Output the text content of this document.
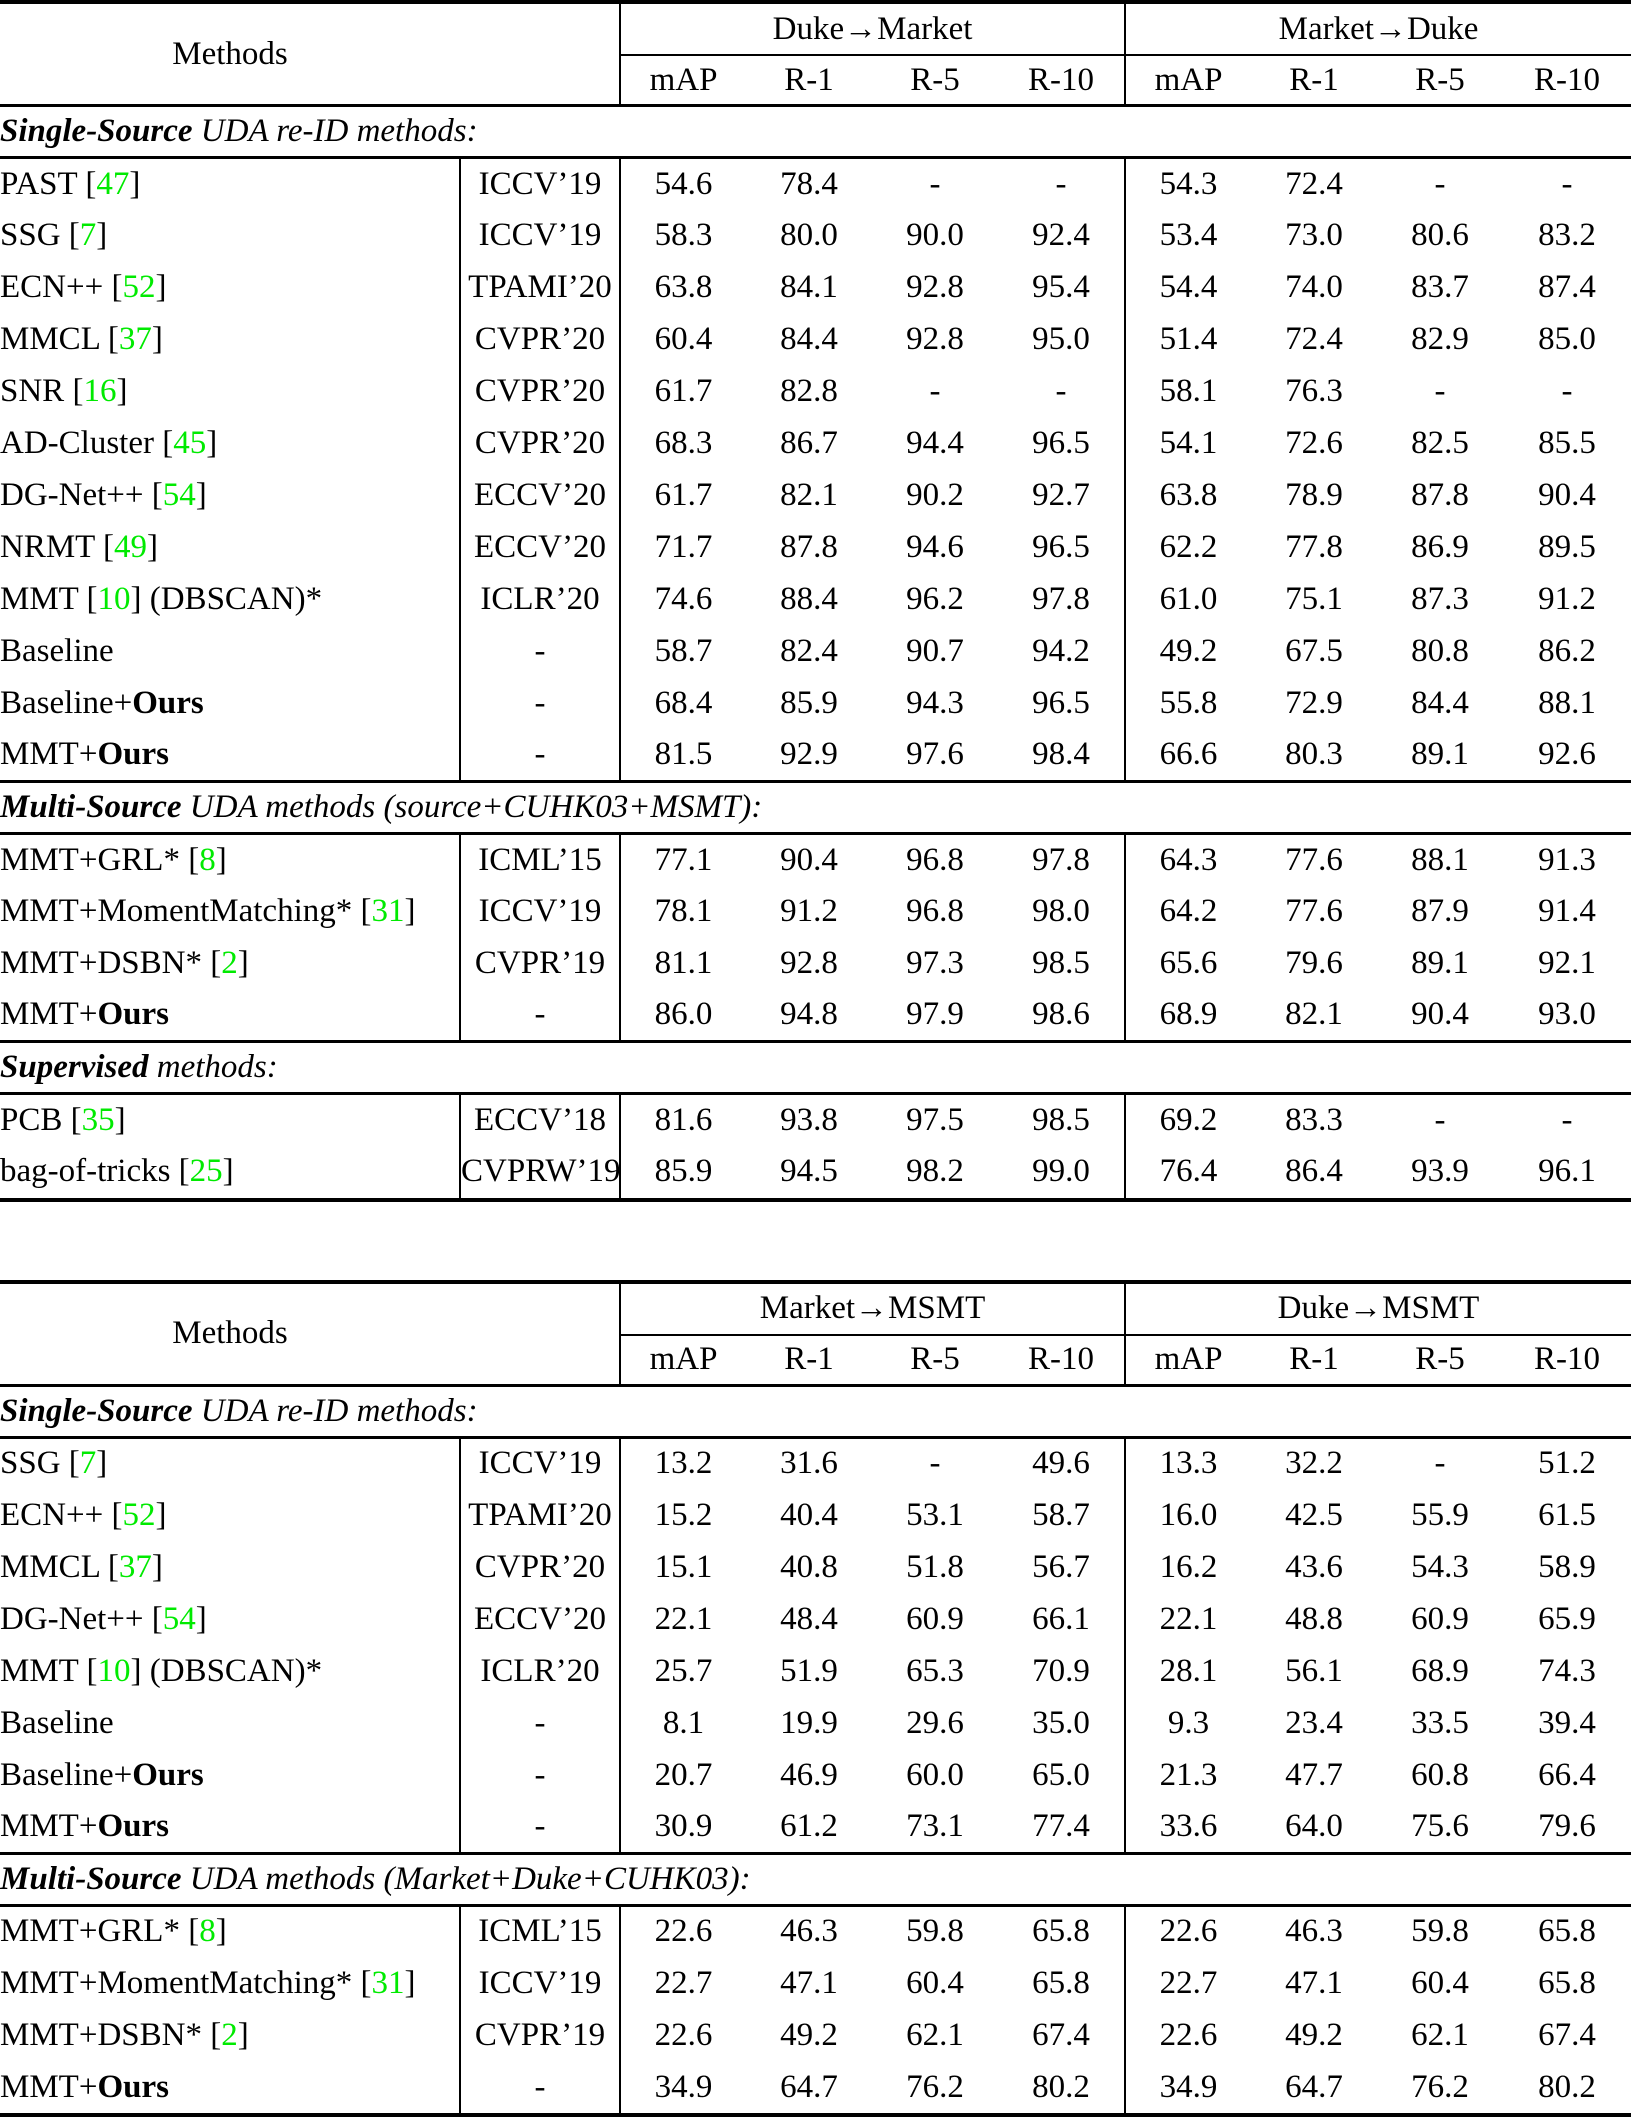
Methods		Duke→Market				Market→Duke			
		mAP	R-1	R-5	R-10	mAP	R-1	R-5	R-10
Single-Source UDA re-ID methods:									
PAST [47]	ICCV’19	54.6	78.4	-	-	54.3	72.4	-	-
SSG [7]	ICCV’19	58.3	80.0	90.0	92.4	53.4	73.0	80.6	83.2
ECN++ [52]	TPAMI’20	63.8	84.1	92.8	95.4	54.4	74.0	83.7	87.4
MMCL [37]	CVPR’20	60.4	84.4	92.8	95.0	51.4	72.4	82.9	85.0
SNR [16]	CVPR’20	61.7	82.8	-	-	58.1	76.3	-	-
AD-Cluster [45]	CVPR’20	68.3	86.7	94.4	96.5	54.1	72.6	82.5	85.5
DG-Net++ [54]	ECCV’20	61.7	82.1	90.2	92.7	63.8	78.9	87.8	90.4
NRMT [49]	ECCV’20	71.7	87.8	94.6	96.5	62.2	77.8	86.9	89.5
MMT [10] (DBSCAN)*	ICLR’20	74.6	88.4	96.2	97.8	61.0	75.1	87.3	91.2
Baseline	-	58.7	82.4	90.7	94.2	49.2	67.5	80.8	86.2
Baseline+Ours	-	68.4	85.9	94.3	96.5	55.8	72.9	84.4	88.1
MMT+Ours	-	81.5	92.9	97.6	98.4	66.6	80.3	89.1	92.6
Multi-Source UDA methods (source+CUHK03+MSMT):									
MMT+GRL* [8]	ICML’15	77.1	90.4	96.8	97.8	64.3	77.6	88.1	91.3
MMT+MomentMatching* [31]	ICCV’19	78.1	91.2	96.8	98.0	64.2	77.6	87.9	91.4
MMT+DSBN* [2]	CVPR’19	81.1	92.8	97.3	98.5	65.6	79.6	89.1	92.1
MMT+Ours	-	86.0	94.8	97.9	98.6	68.9	82.1	90.4	93.0
Supervised methods:									
PCB [35]	ECCV’18	81.6	93.8	97.5	98.5	69.2	83.3	-	-
bag-of-tricks [25]	CVPRW’19	85.9	94.5	98.2	99.0	76.4	86.4	93.9	96.1
Methods		Market→MSMT				Duke→MSMT			
		mAP	R-1	R-5	R-10	mAP	R-1	R-5	R-10
Single-Source UDA re-ID methods:									
SSG [7]	ICCV’19	13.2	31.6	-	49.6	13.3	32.2	-	51.2
ECN++ [52]	TPAMI’20	15.2	40.4	53.1	58.7	16.0	42.5	55.9	61.5
MMCL [37]	CVPR’20	15.1	40.8	51.8	56.7	16.2	43.6	54.3	58.9
DG-Net++ [54]	ECCV’20	22.1	48.4	60.9	66.1	22.1	48.8	60.9	65.9
MMT [10] (DBSCAN)*	ICLR’20	25.7	51.9	65.3	70.9	28.1	56.1	68.9	74.3
Baseline	-	8.1	19.9	29.6	35.0	9.3	23.4	33.5	39.4
Baseline+Ours	-	20.7	46.9	60.0	65.0	21.3	47.7	60.8	66.4
MMT+Ours	-	30.9	61.2	73.1	77.4	33.6	64.0	75.6	79.6
Multi-Source UDA methods (Market+Duke+CUHK03):									
MMT+GRL* [8]	ICML’15	22.6	46.3	59.8	65.8	22.6	46.3	59.8	65.8
MMT+MomentMatching* [31]	ICCV’19	22.7	47.1	60.4	65.8	22.7	47.1	60.4	65.8
MMT+DSBN* [2]	CVPR’19	22.6	49.2	62.1	67.4	22.6	49.2	62.1	67.4
MMT+Ours	-	34.9	64.7	76.2	80.2	34.9	64.7	76.2	80.2
